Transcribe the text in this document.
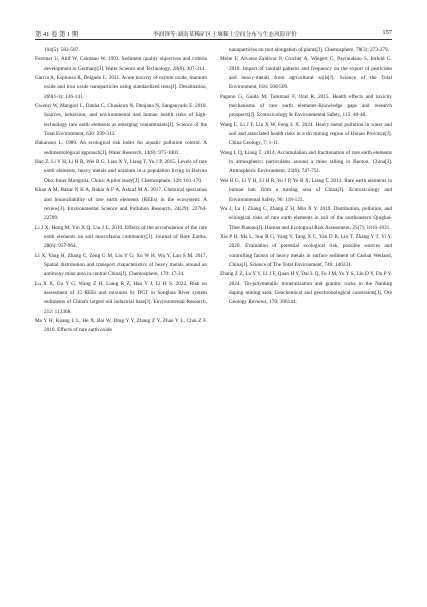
第 41 卷 第 1 期	李润锋等:湖南某稀矿区土壤稀土空间分布与生态风险评价	157

104(5): 582-587.

Forstner U, Ahlf W, Calmano W. 1993. Sediment quality objectives and criteria development in Germany[J]. Water Science and Technology, 28(8): 307-314.

Garcia A, Espinosa R, Delgado L. 2011. Acute toxicity of cerium oxide, titanium oxide and iron oxide nanoparticles using standardized tests[J]. Desalination, 269(1-3): 136-141.

Gwenzi W, Mangori L, Danha C, Chaukura N, Dunjana N, Sanganyado E. 2018. Sources, behaviour, and environmental and human health risks of high-technology rare earth elements as emerging contaminants[J]. Science of the Total Environment, 636: 299-313.

Hakanson L. 1980. An ecological risk index for aquatic pollution control. A sedimentological approach[J]. Water Research, 14(8): 975-1001.

Hao Z, Li Y H, Li H R, Wei B G, Liao X Y, Liang T, Yu J P. 2015. Levels of rare earth elements, heavy metals and uranium in a population living in Baiyun Obo, Inner Mongolia, China: A pilot study[J]. Chemosphere, 128: 161-170.

Khan A M, Bakar N K A, Bakar A F A, Ashraf M A. 2017. Chemical speciation and bioavailability of rare earth elements (REEs) in the ecosystem: A review[J]. Environmental Science and Pollution Research, 24(29): 22764-22789.

Li J X, Hong M, Yin X Q, Liu J L. 2010. Effects of the accumulation of the rare earth elements on soil macrofauna community[J]. Journal of Rare Earths, 28(6): 957-964.

Li X, Yang H, Zhang C, Zeng G M, Liu Y G, Xu W H, Wu Y, Lan S M. 2017. Spatial distribution and transport characteristics of heavy metals around an antimony mine area in central China[J]. Chemosphere, 170: 17-24.

Lu X X, Gu Y G, Wang Z H, Liang R Z, Han Y J, Li H S. 2022. Risk on assessment of 15 REEs and mixtures by DGT in Songhua River system sediments of China's largest old industrial base[J]. Environmental Research, 212: 113368.

Ma Y H, Kuang L L, He X, Bai W, Ding Y Y, Zhang Z Y, Zhao Y L, Chai Z F. 2010. Effects of rare earth oxide

nanoparticles on root elongation of plants[J]. Chemosphere, 78(3): 273-279.

Meite F, Alvarez-Zaldivar P, Crochet A, Wiegert C, Payraudeau S, Imfeld G. 2018. Impact of rainfall patterns and frequency on the export of pesticides and heavy-metals from agricultural soils[J]. Science of the Total Environment, 616: 500-509.

Pagano G, Guida M, Tommasi F, Oral R. 2015. Health effects and toxicity mechanisms of rare earth elements-Knowledge gaps and research prospects[J]. Ecotoxicology & Environmental Safety, 115: 40-48.

Wang L, Li J F, Liu X W, Feng L X. 2024. Heavy metal pollution in water and soil and associated health risks in a tin mining region of Hunan Province[J]. China Geology, 7: 1-11.

Wang L Q, Liang T. 2014. Accumulation and fractionation of rare earth elements in atmospheric; particulates around a mine tailing in Baotou, China[J]. Atmospheric Environment, 23(6): 747-751.

Wei B G, Li Y H, Li H R, Yu J P, Ye B X, Liang T. 2013. Rare earth elements in human hair from a mining area of China[J]. Ecotoxicology and Environmental Safety, 96: 118-123.

Wu J, Lu J, Zhang C, Zhang Z H, Min X Y. 2019. Distribution, pollution, and ecological risks of rare earth elements in soil of the northeastern Qinghai-Tibet Plateau[J]. Human and Ecological Risk Assessment, 25(7): 1816-1831.

Xia P H, Ma L, Sun R G, Yang Y, Tang X C, Yan D B, Lin T, Zhang Y T, Yi Y. 2020. Evaluation of potential ecological risk, possible sources and controlling factors of heavy metals in surface sediment of Caohai Wetland, China[J]. Science of The Total Environment, 740: 140231.

Zhang Z Z, Lu Y Y, Li J F, Quan H Y, Dai L Q, Fu J M, Yu Y S, Lin D Y, Du P Y. 2024. Tin-polymetallic mineralization and granitic rocks in the Nanling daping mining area: Geochemical and geochronological constraints[J]. Ore Geology Reviews, 170: 106144.
